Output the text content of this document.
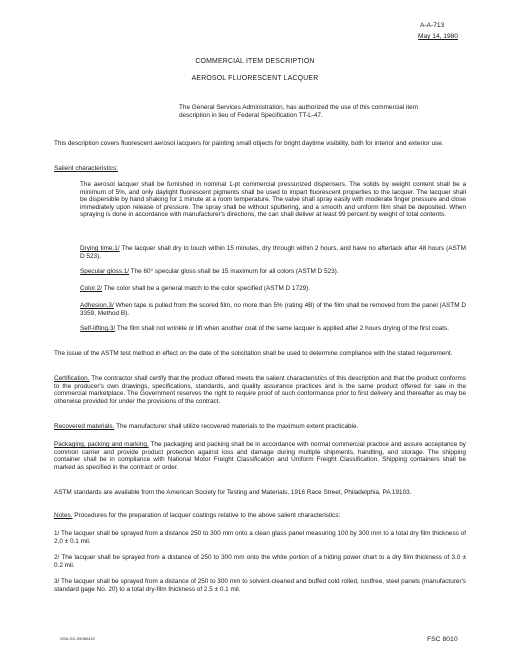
A-A-713
May 14, 1980
COMMERCIAL ITEM DESCRIPTION
AEROSOL FLUORESCENT LACQUER
The General Services Administration, has authorized the use of this commercial item description in lieu of Federal Specification TT-L-47.
This description covers fluorescent aerosol lacquers for painting small objects for bright daytime visibility, both for interior and exterior use.
Salient characteristics:
The aerosol lacquer shall be furnished in nominal 1-pt commercial pressurized dispensers. The solids by weight content shall be a minimum of 5%, and only daylight fluorescent pigments shall be used to impart fluorescent properties to the lacquer. The lacquer shall be dispersible by hand shaking for 1 minute at a room temperature. The valve shall spray easily with moderate finger pressure and close immediately upon release of pressure. The spray shall be without sputtering, and a smooth and uniform film shall be deposited. When spraying is done in accordance with manufacturer's directions, the can shall deliver at least 99 percent by weight of total contents.
Drying time.1/ The lacquer shall dry to touch within 15 minutes, dry through within 2 hours, and have no aftertack after 48 hours (ASTM D 523).
Specular gloss.1/ The 60° specular gloss shall be 15 maximum for all colors (ASTM D 523).
Color.2/ The color shall be a general match to the color specified (ASTM D 1729).
Adhesion.3/ When tape is pulled from the scored film, no more than 5% (rating 4B) of the film shall be removed from the panel (ASTM D 3359, Method B).
Self-lifting.3/ The film shall not wrinkle or lift when another coat of the same lacquer is applied after 2 hours drying of the first coats.
The issue of the ASTM test method in effect on the date of the solicitation shall be used to determine compliance with the stated requirement.
Certification. The contractor shall certify that the product offered meets the salient characteristics of this description and that the product conforms to the producer's own drawings, specifications, standards, and quality assurance practices and is the same product offered for sale in the commercial marketplace. The Government reserves the right to require proof of such conformance prior to first delivery and thereafter as may be otherwise provided for under the provisions of the contract.
Recovered materials. The manufacturer shall utilize recovered materials to the maximum extent practicable.
Packaging, packing and marking. The packaging and packing shall be in accordance with normal commercial practice and assure acceptance by common carrier and provide product protection against loss and damage during multiple shipments, handling, and storage. The shipping container shall be in compliance with National Motor Freight Classification and Uniform Freight Classification. Shipping containers shall be marked as specified in the contract or order.
ASTM standards are available from the American Society for Testing and Materials, 1916 Race Street, Philadelphia, PA 19103.
Notes. Procedures for the preparation of lacquer coatings relative to the above salient characteristics:
1/ The lacquer shall be sprayed from a distance 250 to 300 mm onto a clean glass panel measuring 100 by 300 mm to a total dry film thickness of 2.0 ± 0.1 mil.
2/ The lacquer shall be sprayed from a distance of 250 to 300 mm onto the white portion of a hiding power chart to a dry film thickness of 3.0 ± 0.2 mil.
3/ The lacquer shall be sprayed from a distance of 250 to 300 mm to solvent-cleaned and buffed cold rolled, rustfree, steel panels (manufacturer's standard gage No. 20) to a total dry-film thickness of 2.5 ± 0.1 mil.
GSA GC-09080422	FSC 8010
